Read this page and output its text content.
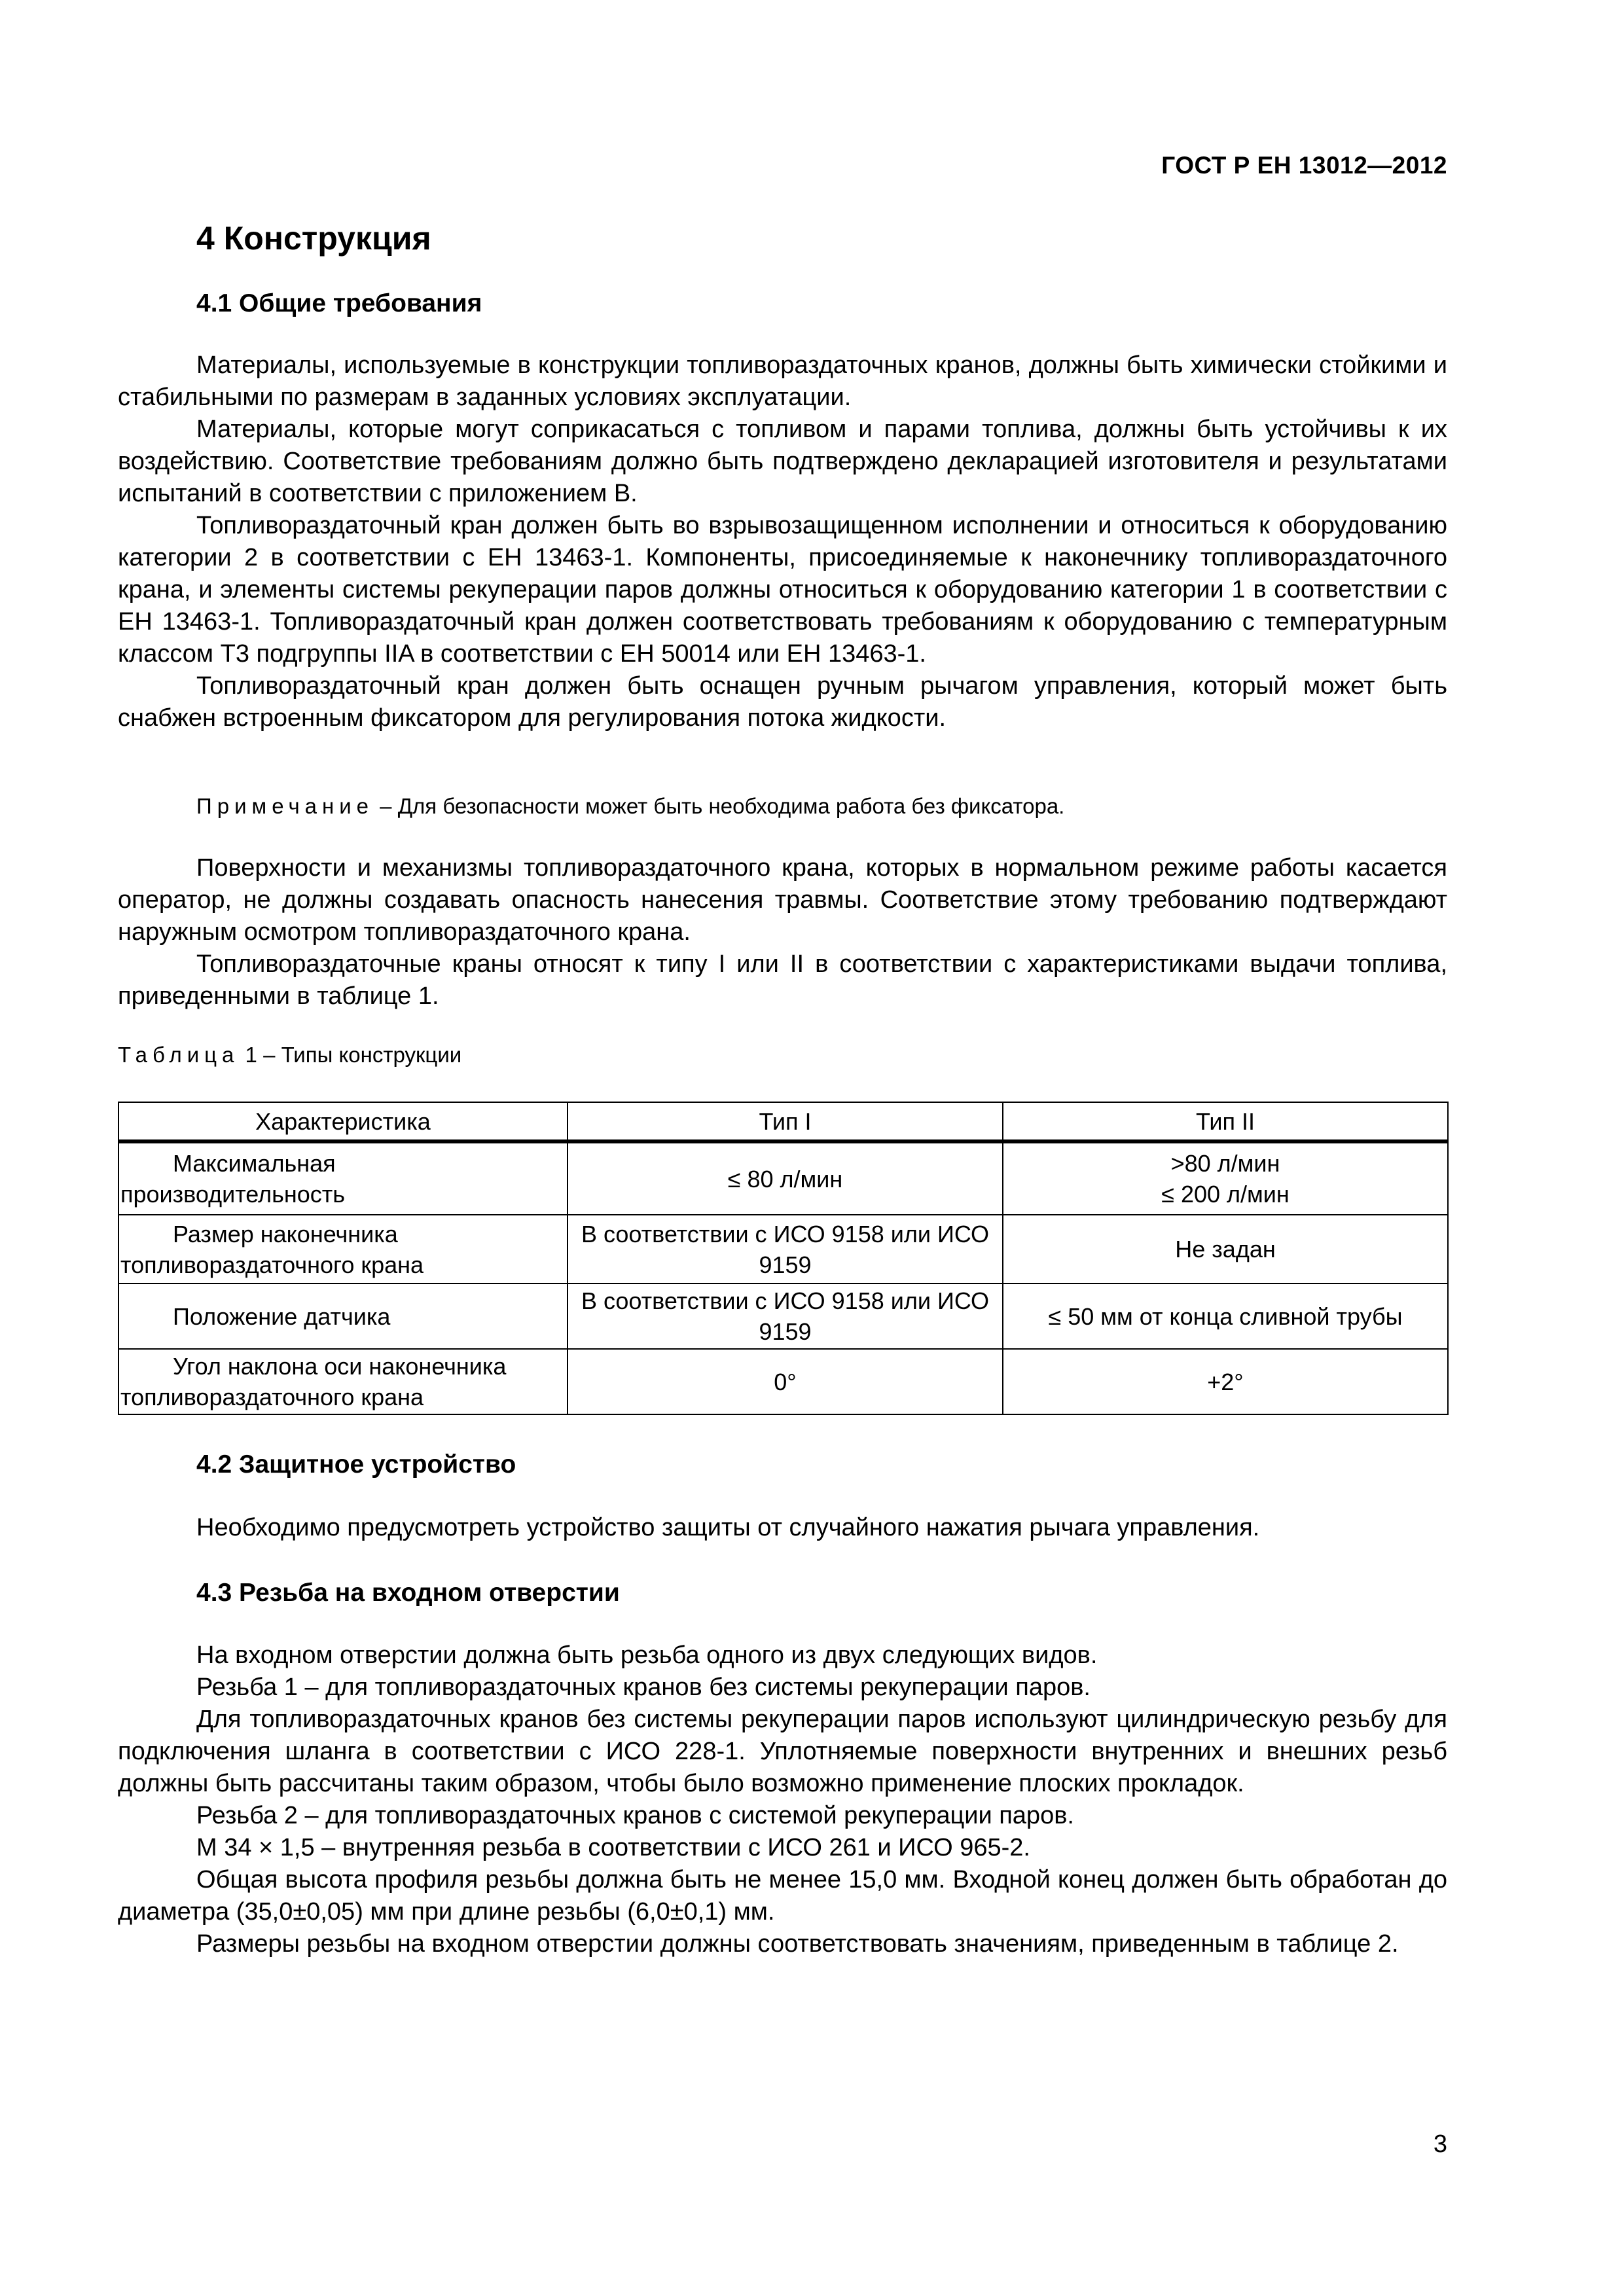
ГОСТ Р ЕН 13012—2012
4 Конструкция
4.1 Общие требования

Материалы, используемые в конструкции топливораздаточных кранов, должны быть химически стойкими и стабильными по размерам в заданных условиях эксплуатации.

Материалы, которые могут соприкасаться с топливом и парами топлива, должны быть устойчивы к их воздействию. Соответствие требованиям должно быть подтверждено декларацией изготовителя и результатами испытаний в соответствии с приложением В.

Топливораздаточный кран должен быть во взрывозащищенном исполнении и относиться к оборудованию категории 2 в соответствии с ЕН 13463-1. Компоненты, присоединяемые к наконечнику топливораздаточного крана, и элементы системы рекуперации паров должны относиться к оборудованию категории 1 в соответствии с ЕН 13463-1. Топливораздаточный кран должен соответствовать требованиям к оборудованию с температурным классом Т3 подгруппы IIA в соответствии с ЕН 50014 или ЕН 13463-1.

Топливораздаточный кран должен быть оснащен ручным рычагом управления, который может быть снабжен встроенным фиксатором для регулирования потока жидкости.

Примечание – Для безопасности может быть необходима работа без фиксатора.

Поверхности и механизмы топливораздаточного крана, которых в нормальном режиме работы касается оператор, не должны создавать опасность нанесения травмы. Соответствие этому требованию подтверждают наружным осмотром топливораздаточного крана.

Топливораздаточные краны относят к типу I или II в соответствии с характеристиками выдачи топлива, приведенными в таблице 1.

Таблица 1 – Типы конструкции
Характеристика	Тип I	Тип II

Максимальная производительность	≤ 80 л/мин	>80 л/мин
≤ 200 л/мин

Размер наконечника топливораздаточного крана	В соответствии с ИСО 9158 или ИСО 9159	Не задан

Положение датчика	В соответствии с ИСО 9158 или ИСО 9159	≤ 50 мм от конца сливной трубы

Угол наклона оси наконечника топливораздаточного крана	0°	+2°
4.2 Защитное устройство

Необходимо предусмотреть устройство защиты от случайного нажатия рычага управления.

4.3 Резьба на входном отверстии

На входном отверстии должна быть резьба одного из двух следующих видов.

Резьба 1 – для топливораздаточных кранов без системы рекуперации паров.

Для топливораздаточных кранов без системы рекуперации паров используют цилиндрическую резьбу для подключения шланга в соответствии с ИСО 228-1. Уплотняемые поверхности внутренних и внешних резьб должны быть рассчитаны таким образом, чтобы было возможно применение плоских прокладок.

Резьба 2 – для топливораздаточных кранов с системой рекуперации паров.

М 34 × 1,5 – внутренняя резьба в соответствии с ИСО 261 и ИСО 965-2.

Общая высота профиля резьбы должна быть не менее 15,0 мм. Входной конец должен быть обработан до диаметра (35,0±0,05) мм при длине резьбы (6,0±0,1) мм.

Размеры резьбы на входном отверстии должны соответствовать значениям, приведенным в таблице 2.

3
